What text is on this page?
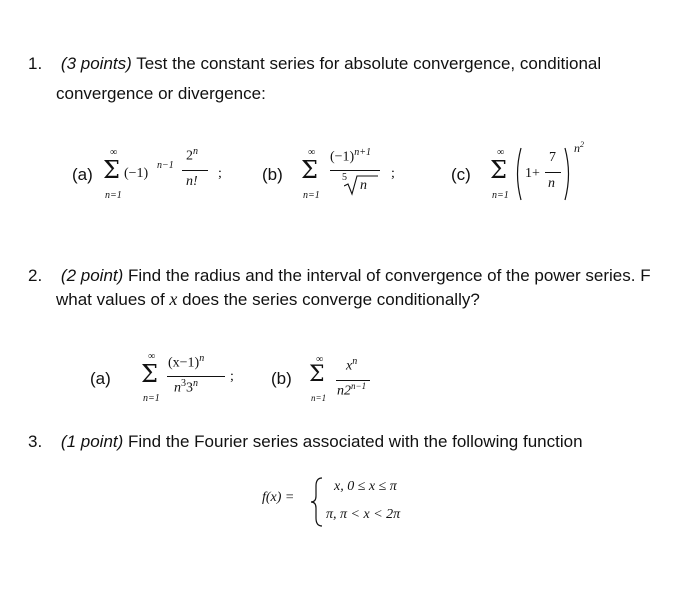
1. (3 points) Test the constant series for absolute convergence, conditional
convergence or divergence:
(a)
∞
Σ
n=1
(−1)
n−1
2$^n$
n!
; (b)
∞
Σ
n=1
$(-1)^{n+1}$
5
n
;	(c)
∞
Σ
n=1
1+
7
n
$n^2$
2. (2 point) Find the radius and the interval of convergence of the power series. F
what values of x does the series converge conditionally?
(a)
∞
Σ
n=1
$(x-1)^n$
$n^33^n$ ; (b)
∞
Σ
n=1
$x^n$
$n2^{n-1}$
3. (1 point) Find the Fourier series associated with the following function
f(x) =
x, 0 ≤ x ≤ π
π, π < x < 2π
